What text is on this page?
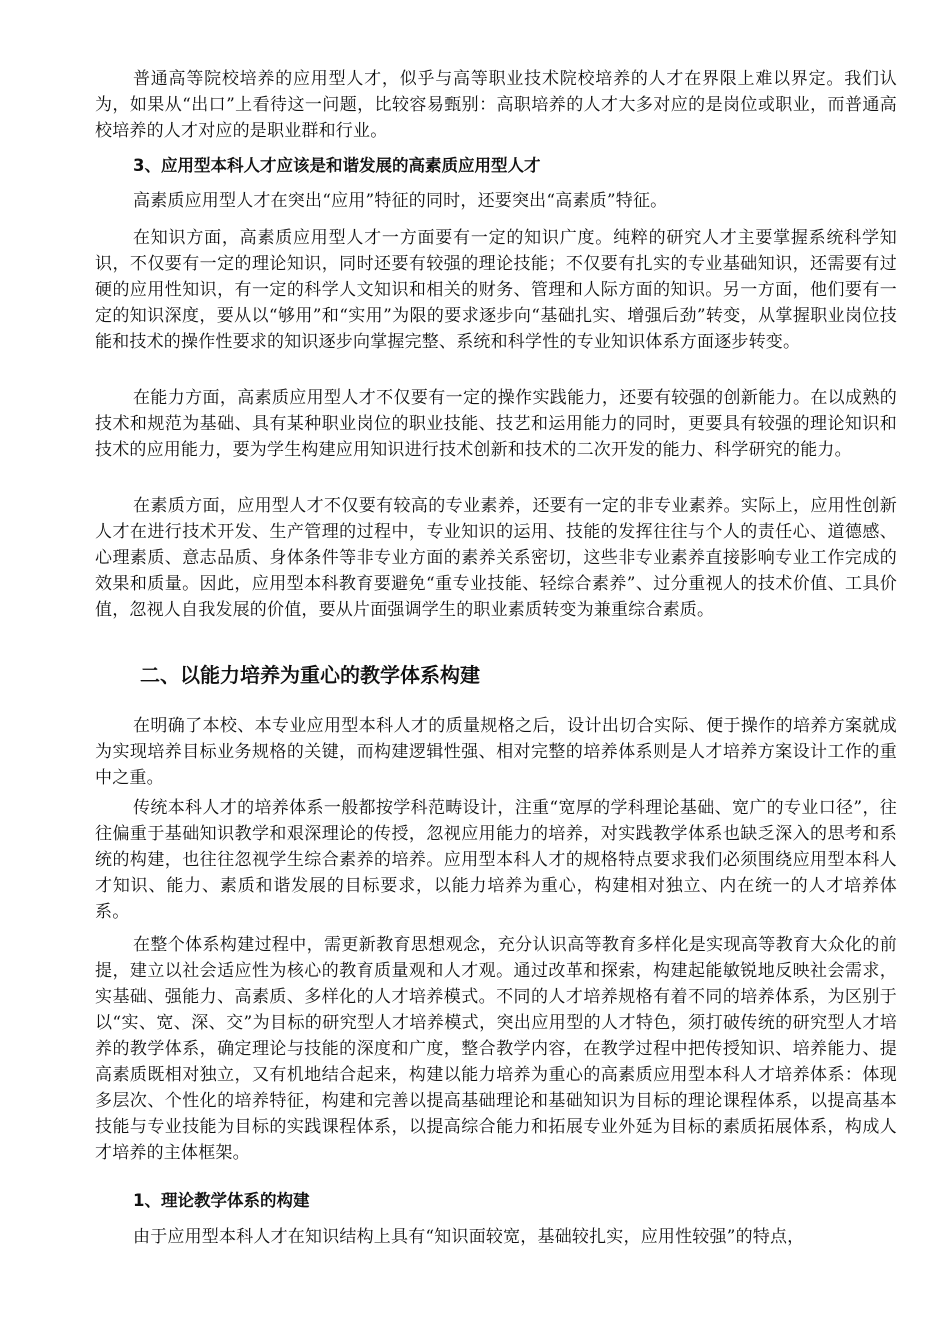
普通高等院校培养的应用型人才，似乎与高等职业技术院校培养的人才在界限上难以界定。我们认为，如果从“出口”上看待这一问题，比较容易甄别：高职培养的人才大多对应的是岗位或职业，而普通高校培养的人才对应的是职业群和行业。

3、应用型本科人才应该是和谐发展的高素质应用型人才

高素质应用型人才在突出“应用”特征的同时，还要突出“高素质”特征。

在知识方面，高素质应用型人才一方面要有一定的知识广度。纯粹的研究人才主要掌握系统科学知识，不仅要有一定的理论知识，同时还要有较强的理论技能；不仅要有扎实的专业基础知识，还需要有过硬的应用性知识，有一定的科学人文知识和相关的财务、管理和人际方面的知识。另一方面，他们要有一定的知识深度，要从以“够用”和“实用”为限的要求逐步向“基础扎实、增强后劲”转变，从掌握职业岗位技能和技术的操作性要求的知识逐步向掌握完整、系统和科学性的专业知识体系方面逐步转变。

在能力方面，高素质应用型人才不仅要有一定的操作实践能力，还要有较强的创新能力。在以成熟的技术和规范为基础、具有某种职业岗位的职业技能、技艺和运用能力的同时，更要具有较强的理论知识和技术的应用能力，要为学生构建应用知识进行技术创新和技术的二次开发的能力、科学研究的能力。

在素质方面，应用型人才不仅要有较高的专业素养，还要有一定的非专业素养。实际上，应用性创新人才在进行技术开发、生产管理的过程中，专业知识的运用、技能的发挥往往与个人的责任心、道德感、心理素质、意志品质、身体条件等非专业方面的素养关系密切，这些非专业素养直接影响专业工作完成的效果和质量。因此，应用型本科教育要避免“重专业技能、轻综合素养”、过分重视人的技术价值、工具价值，忽视人自我发展的价值，要从片面强调学生的职业素质转变为兼重综合素质。

二、以能力培养为重心的教学体系构建

在明确了本校、本专业应用型本科人才的质量规格之后，设计出切合实际、便于操作的培养方案就成为实现培养目标业务规格的关键，而构建逻辑性强、相对完整的培养体系则是人才培养方案设计工作的重中之重。

传统本科人才的培养体系一般都按学科范畴设计，注重“宽厚的学科理论基础、宽广的专业口径”，往往偏重于基础知识教学和艰深理论的传授，忽视应用能力的培养，对实践教学体系也缺乏深入的思考和系统的构建，也往往忽视学生综合素养的培养。应用型本科人才的规格特点要求我们必须围绕应用型本科人才知识、能力、素质和谐发展的目标要求，以能力培养为重心，构建相对独立、内在统一的人才培养体系。

在整个体系构建过程中，需更新教育思想观念，充分认识高等教育多样化是实现高等教育大众化的前提，建立以社会适应性为核心的教育质量观和人才观。通过改革和探索，构建起能敏锐地反映社会需求，实基础、强能力、高素质、多样化的人才培养模式。不同的人才培养规格有着不同的培养体系，为区别于以“实、宽、深、交”为目标的研究型人才培养模式，突出应用型的人才特色，须打破传统的研究型人才培养的教学体系，确定理论与技能的深度和广度，整合教学内容，在教学过程中把传授知识、培养能力、提高素质既相对独立，又有机地结合起来，构建以能力培养为重心的高素质应用型本科人才培养体系：体现多层次、个性化的培养特征，构建和完善以提高基础理论和基础知识为目标的理论课程体系，以提高基本技能与专业技能为目标的实践课程体系，以提高综合能力和拓展专业外延为目标的素质拓展体系，构成人才培养的主体框架。

1、理论教学体系的构建

由于应用型本科人才在知识结构上具有“知识面较宽，基础较扎实，应用性较强”的特点，
